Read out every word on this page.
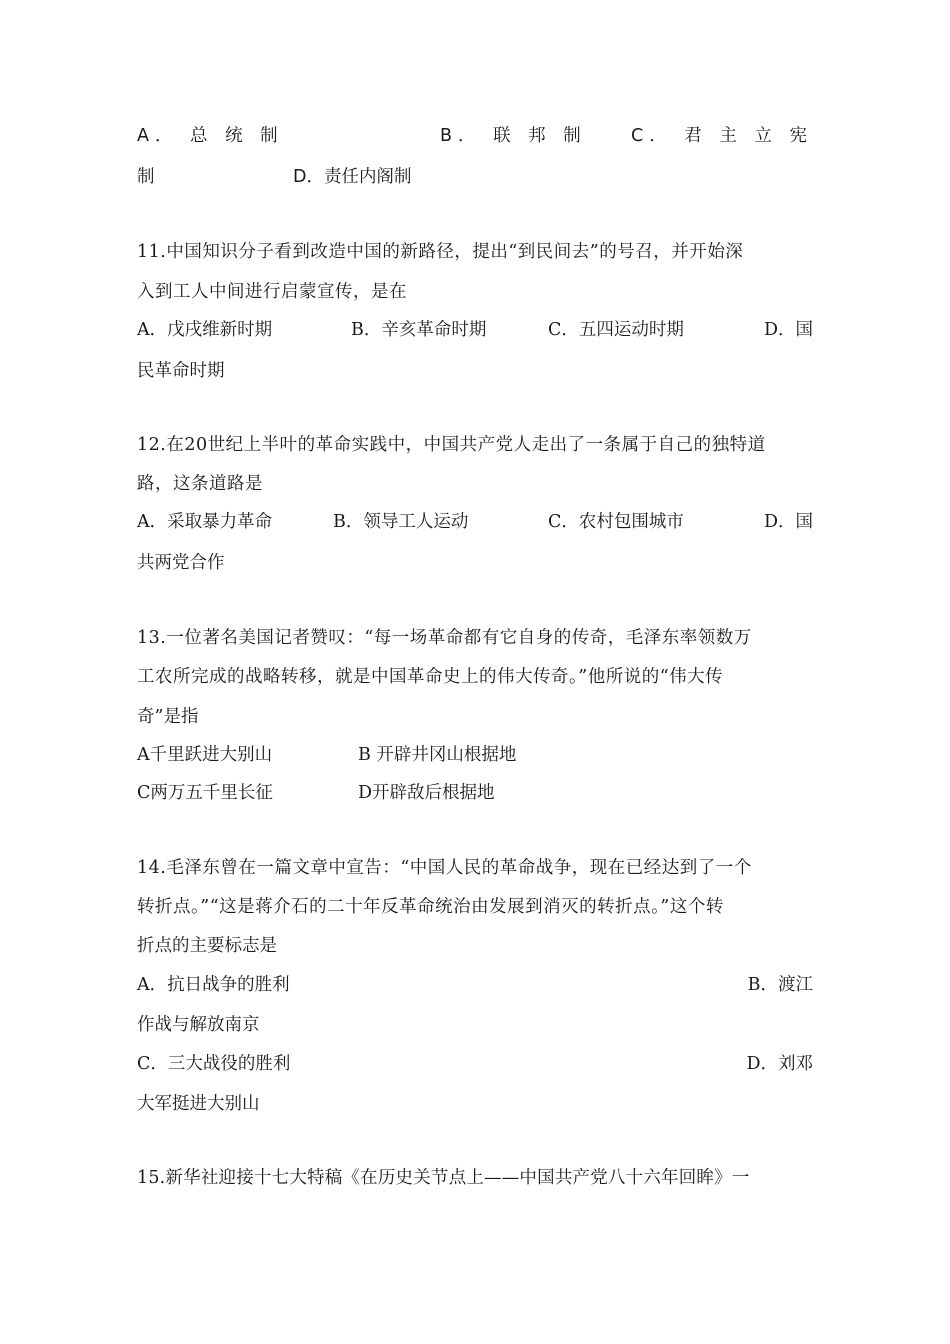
A． 总 统 制	B． 联 邦 制	C． 君 主 立 宪
制	D．责任内阁制
11.中国知识分子看到改造中国的新路径，提出“到民间去”的号召，并开始深
入到工人中间进行启蒙宣传，是在
A．戊戌维新时期	B．辛亥革命时期	C．五四运动时期	D．国
民革命时期
12.在20世纪上半叶的革命实践中，中国共产党人走出了一条属于自己的独特道
路，这条道路是
A．采取暴力革命	B．领导工人运动	C．农村包围城市	D．国
共两党合作
13.一位著名美国记者赞叹：“每一场革命都有它自身的传奇，毛泽东率领数万
工农所完成的战略转移，就是中国革命史上的伟大传奇。”他所说的“伟大传
奇”是指
A千里跃进大别山	B 开辟井冈山根据地
C两万五千里长征	D开辟敌后根据地
14.毛泽东曾在一篇文章中宣告：“中国人民的革命战争，现在已经达到了一个
转折点。”“这是蒋介石的二十年反革命统治由发展到消灭的转折点。”这个转
折点的主要标志是
A．抗日战争的胜利	B．渡江
作战与解放南京
C．三大战役的胜利	D．刘邓
大军挺进大别山
15.新华社迎接十七大特稿《在历史关节点上——中国共产党八十六年回眸》一
